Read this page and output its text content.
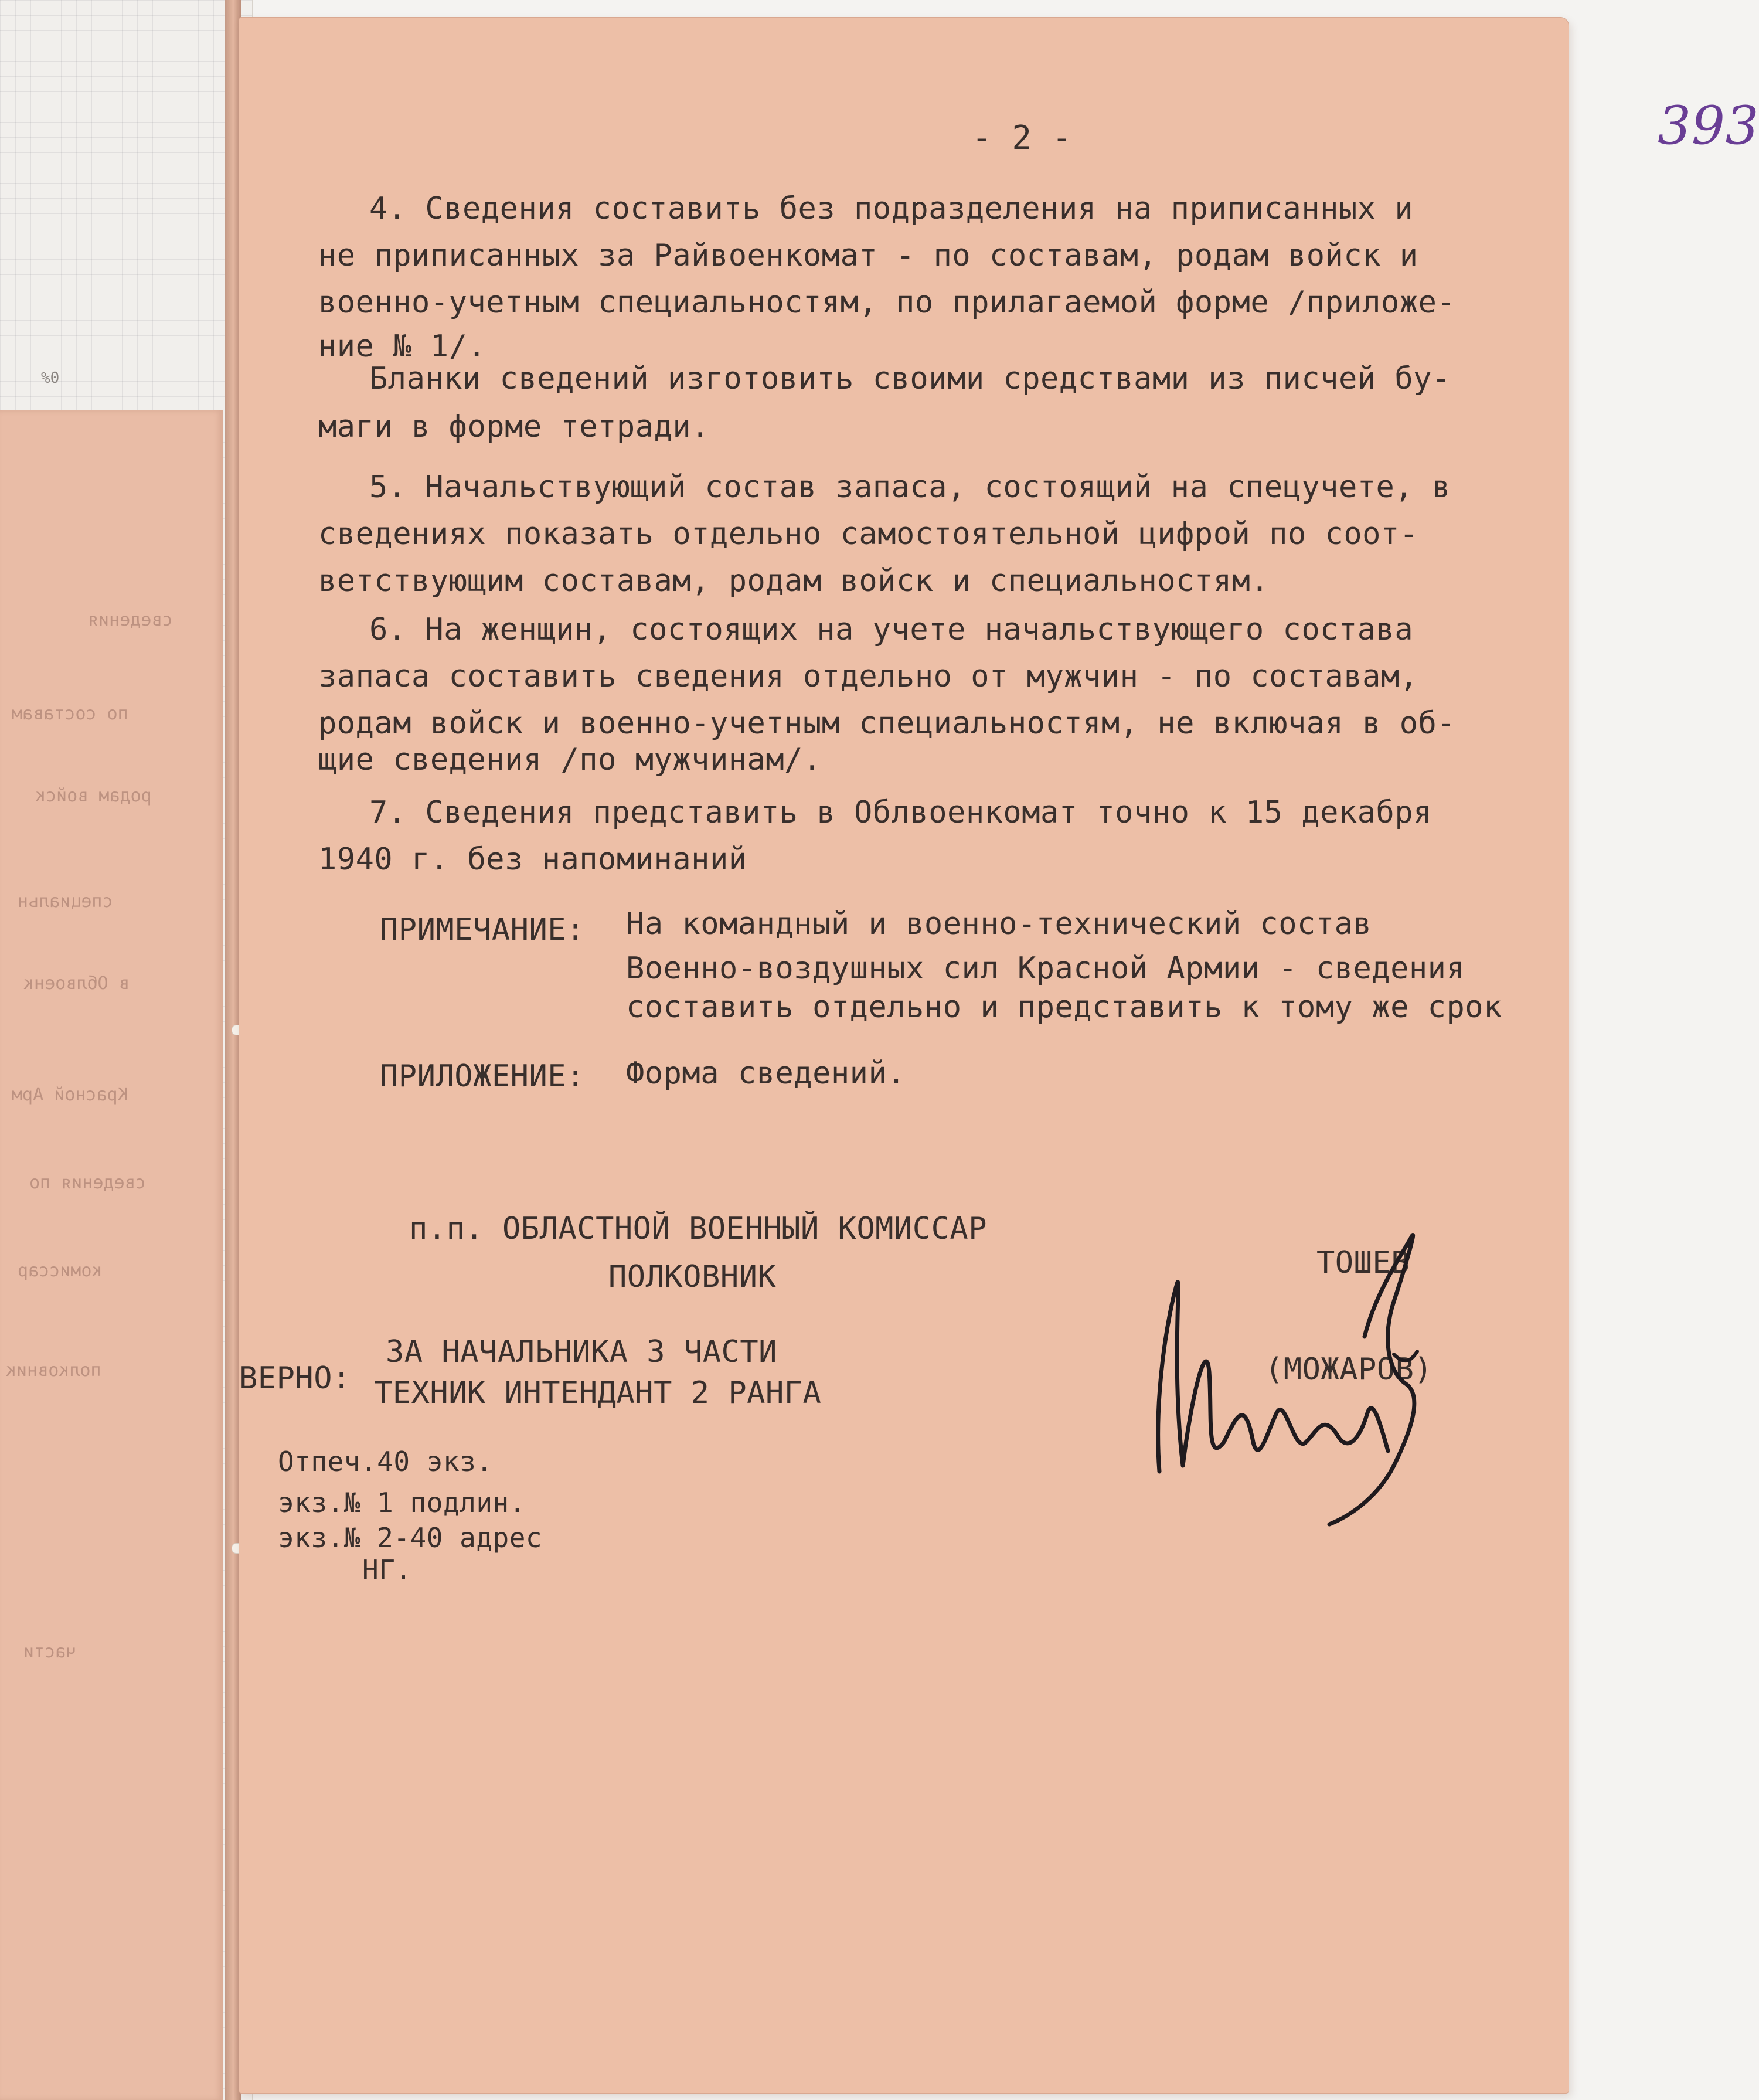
%0
сведения
по составам
родам войск
специальн
в Облвоенк
Красной Арм
сведения по
комиссар
полковник
части
- 2 -	393
4. Сведения составить без подразделения на приписанных и
не приписанных за Райвоенкомат - по составам, родам войск и
военно-учетным специальностям, по прилагаемой форме /приложе-
ние № 1/.
Бланки сведений изготовить своими средствами из писчей бу-
маги в форме тетради.
5. Начальствующий состав запаса, состоящий на спецучете, в
сведениях показать отдельно самостоятельной цифрой по соот-
ветствующим составам, родам войск и специальностям.
6. На женщин, состоящих на учете начальствующего состава
запаса составить сведения отдельно от мужчин - по составам,
родам войск и военно-учетным специальностям, не включая в об-
щие сведения /по мужчинам/.
7. Сведения представить в Облвоенкомат точно к 15 декабря
1940 г. без напоминаний
ПРИМЕЧАНИЕ: На командный и военно-технический состав
Военно-воздушных сил Красной Армии - сведения
составить отдельно и представить к тому же срок
ПРИЛОЖЕНИЕ: Форма сведений.
п.п. ОБЛАСТНОЙ ВОЕННЫЙ КОМИССАР
ПОЛКОВНИК	ТОШЕВ
ВЕРНО:
ЗА НАЧАЛЬНИКА 3 ЧАСТИ
ТЕХНИК ИНТЕНДАНТ 2 РАНГА
(МОЖАРОВ)
Отпеч.40 экз.
экз.№ 1 подлин.
экз.№ 2-40 адрес
НГ.
